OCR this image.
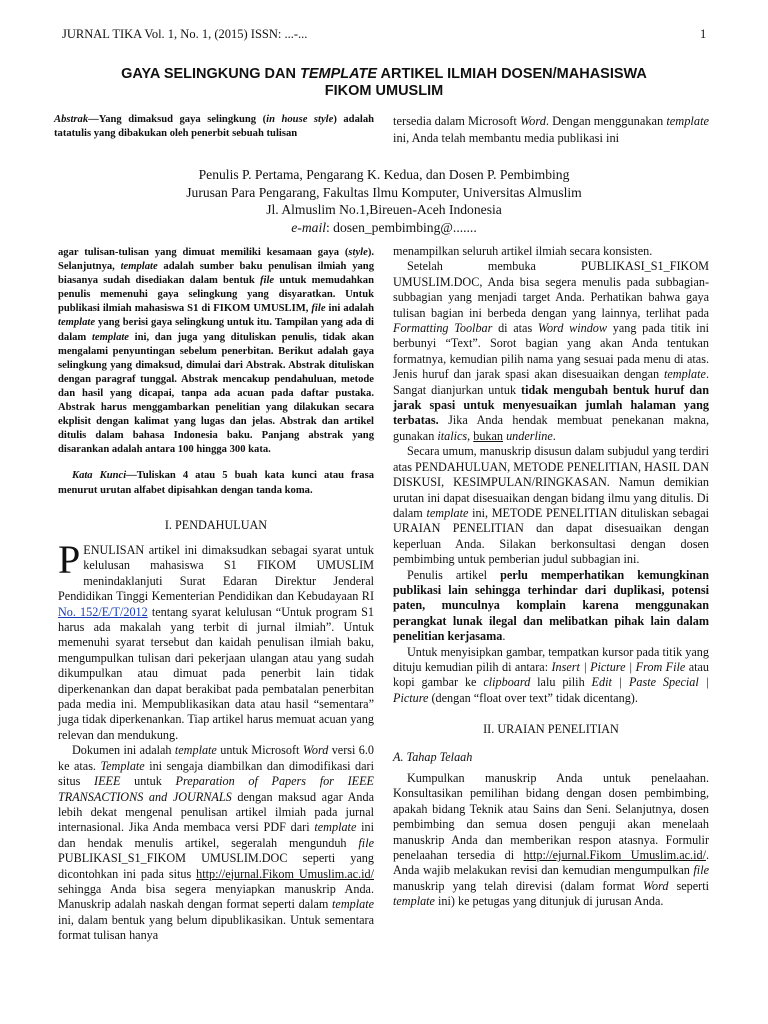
JURNAL TIKA Vol. 1, No. 1, (2015) ISSN: ...-...	1
GAYA SELINGKUNG DAN TEMPLATE ARTIKEL ILMIAH DOSEN/MAHASISWA
FIKOM UMUSLIM
Abstrak—Yang dimaksud gaya selingkung (in house style) adalah tatatulis yang dibakukan oleh penerbit sebuah tulisan
tersedia dalam Microsoft Word. Dengan menggunakan template ini, Anda telah membantu media publikasi ini
Penulis P. Pertama, Pengarang K. Kedua, dan Dosen P. Pembimbing
Jurusan Para Pengarang, Fakultas Ilmu Komputer, Universitas Almuslim
Jl. Almuslim No.1,Bireuen-Aceh Indonesia
e-mail: dosen_pembimbing@.......

agar tulisan-tulisan yang dimuat memiliki kesamaan gaya (style). Selanjutnya, template adalah sumber baku penulisan ilmiah yang biasanya sudah disediakan dalam bentuk file untuk memudahkan penulis memenuhi gaya selingkung yang disyaratkan. Untuk publikasi ilmiah mahasiswa S1 di FIKOM UMUSLIM, file ini adalah template yang berisi gaya selingkung untuk itu. Tampilan yang ada di dalam template ini, dan juga yang dituliskan penulis, tidak akan mengalami penyuntingan sebelum penerbitan. Berikut adalah gaya selingkung yang dimaksud, dimulai dari Abstrak. Abstrak dituliskan dengan paragraf tunggal. Abstrak mencakup pendahuluan, metode dan hasil yang dicapai, tanpa ada acuan pada daftar pustaka. Abstrak harus menggambarkan penelitian yang dilakukan secara ekplisit dengan kalimat yang lugas dan jelas. Abstrak dan artikel ditulis dalam bahasa Indonesia baku. Panjang abstrak yang disarankan adalah antara 100 hingga 300 kata.

Kata Kunci—Tuliskan 4 atau 5 buah kata kunci atau frasa menurut urutan alfabet dipisahkan dengan tanda koma.

I. PENDAHULUAN

PENULISAN artikel ini dimaksudkan sebagai syarat untuk kelulusan mahasiswa S1 FIKOM UMUSLIM menindaklanjuti Surat Edaran Direktur Jenderal Pendidikan Tinggi Kementerian Pendidikan dan Kebudayaan RI No. 152/E/T/2012 tentang syarat kelulusan “Untuk program S1 harus ada makalah yang terbit di jurnal ilmiah”. Untuk memenuhi syarat tersebut dan kaidah penulisan ilmiah baku, mengumpulkan tulisan dari pekerjaan ulangan atau yang sudah dikumpulkan atau dimuat pada penerbit lain tidak diperkenankan dan dapat berakibat pada pembatalan penerbitan pada media ini. Mempublikasikan data atau hasil “sementara” juga tidak diperkenankan. Tiap artikel harus memuat acuan yang relevan dan mendukung.

Dokumen ini adalah template untuk Microsoft Word versi 6.0 ke atas. Template ini sengaja diambilkan dan dimodifikasi dari situs IEEE untuk Preparation of Papers for IEEE TRANSACTIONS and JOURNALS dengan maksud agar Anda lebih dekat mengenal penulisan artikel ilmiah pada jurnal internasional. Jika Anda membaca versi PDF dari template ini dan hendak menulis artikel, segeralah mengunduh file PUBLIKASI_S1_FIKOM UMUSLIM.DOC seperti yang dicontohkan ini pada situs http://ejurnal.Fikom Umuslim.ac.id/ sehingga Anda bisa segera menyiapkan manuskrip Anda. Manuskrip adalah naskah dengan format seperti dalam template ini, dalam bentuk yang belum dipublikasikan. Untuk sementara format tulisan hanya

menampilkan seluruh artikel ilmiah secara konsisten.

Setelah membuka PUBLIKASI_S1_FIKOM UMUSLIM.DOC, Anda bisa segera menulis pada subbagian-subbagian yang menjadi target Anda. Perhatikan bahwa gaya tulisan bagian ini berbeda dengan yang lainnya, terlihat pada Formatting Toolbar di atas Word window yang pada titik ini berbunyi “Text”. Sorot bagian yang akan Anda tentukan formatnya, kemudian pilih nama yang sesuai pada menu di atas. Jenis huruf dan jarak spasi akan disesuaikan dengan template. Sangat dianjurkan untuk tidak mengubah bentuk huruf dan jarak spasi untuk menyesuaikan jumlah halaman yang terbatas. Jika Anda hendak membuat penekanan makna, gunakan italics, bukan underline.

Secara umum, manuskrip disusun dalam subjudul yang terdiri atas PENDAHULUAN, METODE PENELITIAN, HASIL DAN DISKUSI, KESIMPULAN/RINGKASAN. Namun demikian urutan ini dapat disesuaikan dengan bidang ilmu yang ditulis. Di dalam template ini, METODE PENELITIAN dituliskan sebagai URAIAN PENELITIAN dan dapat disesuaikan dengan keperluan Anda. Silakan berkonsultasi dengan dosen pembimbing untuk pemberian judul subbagian ini.

Penulis artikel perlu memperhatikan kemungkinan publikasi lain sehingga terhindar dari duplikasi, potensi paten, munculnya komplain karena menggunakan perangkat lunak ilegal dan melibatkan pihak lain dalam penelitian kerjasama.

Untuk menyisipkan gambar, tempatkan kursor pada titik yang dituju kemudian pilih di antara: Insert | Picture | From File atau kopi gambar ke clipboard lalu pilih Edit | Paste Special | Picture (dengan “float over text” tidak dicentang).

II. URAIAN PENELITIAN

A. Tahap Telaah

Kumpulkan manuskrip Anda untuk penelaahan. Konsultasikan pemilihan bidang dengan dosen pembimbing, apakah bidang Teknik atau Sains dan Seni. Selanjutnya, dosen pembimbing dan semua dosen penguji akan menelaah manuskrip Anda dan memberikan respon atasnya. Formulir penelaahan tersedia di http://ejurnal.Fikom Umuslim.ac.id/. Anda wajib melakukan revisi dan kemudian mengumpulkan file manuskrip yang telah direvisi (dalam format Word seperti template ini) ke petugas yang ditunjuk di jurusan Anda.
